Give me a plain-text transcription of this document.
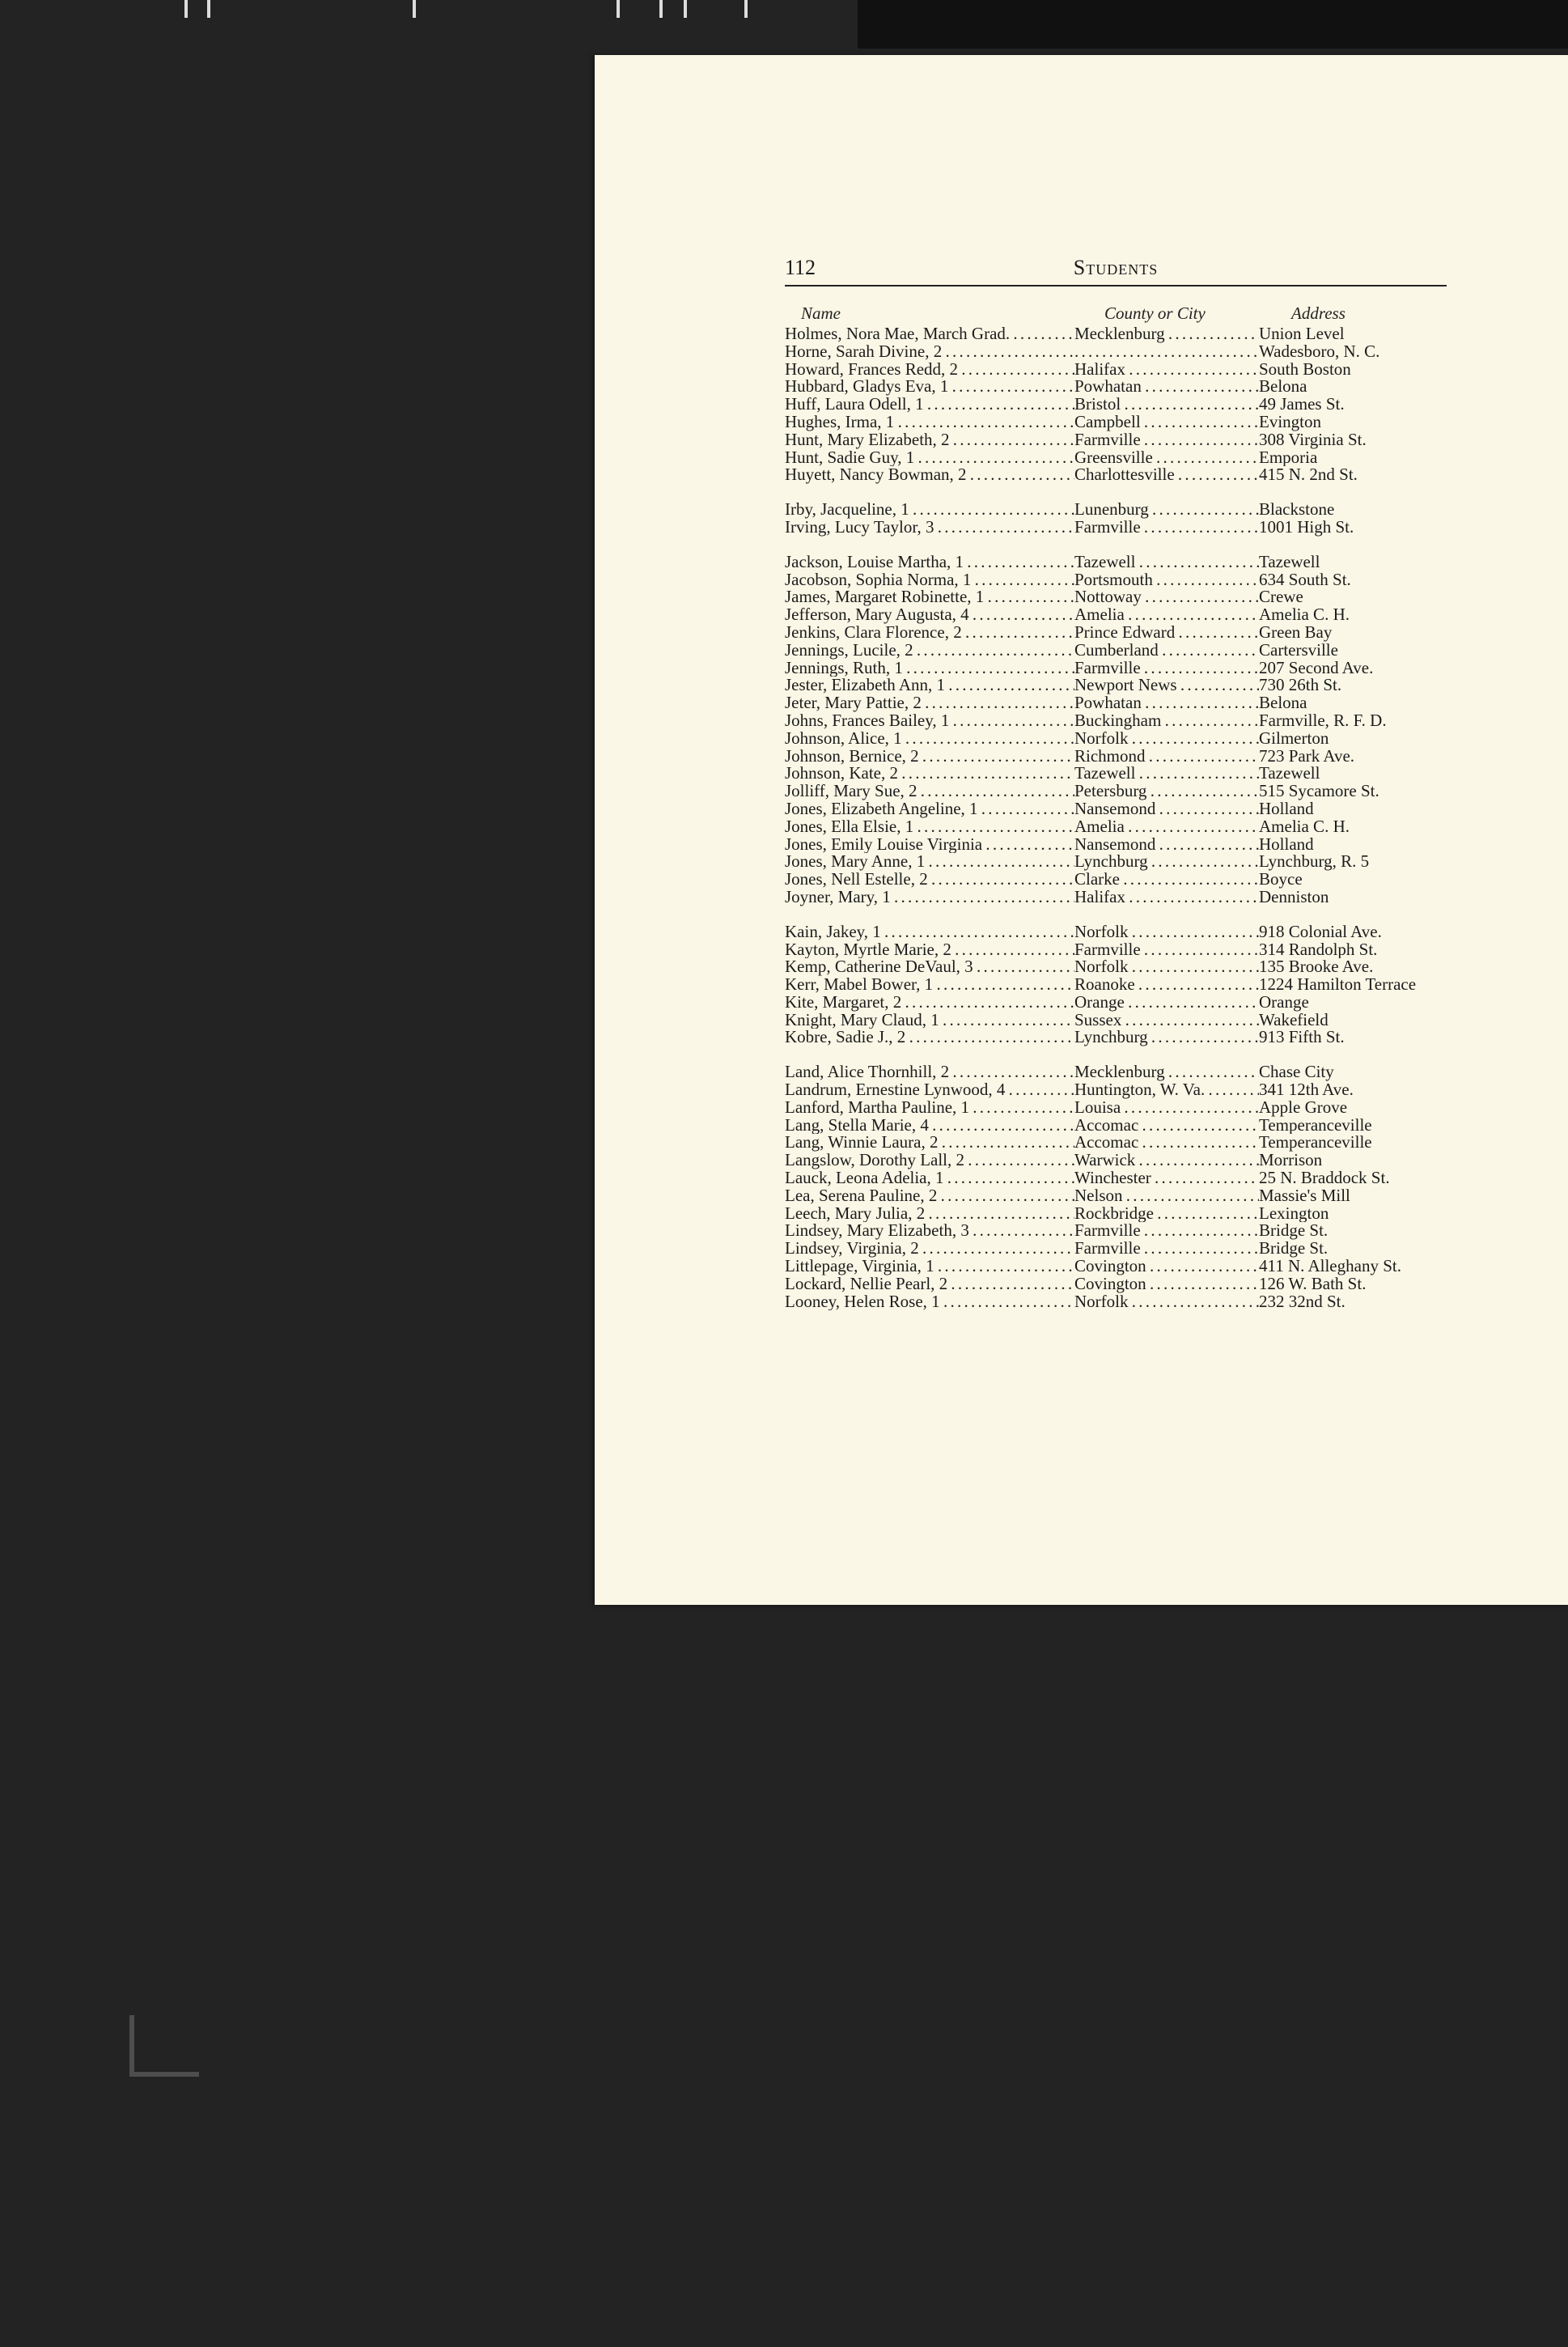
112	Students
Name	County or City	Address
Holmes, Nora Mae, March Grad. . . .	Mecklenburg . . .	Union Level
Horne, Sarah Divine, 2 . . .
. . .	Wadesboro, N. C.
Howard, Frances Redd, 2 . . .	Halifax . . .	South Boston
Hubbard, Gladys Eva, 1 . . .	Powhatan . . .	Belona
Huff, Laura Odell, 1 . . .	Bristol . . .	49 James St.
Hughes, Irma, 1 . . .	Campbell . . .	Evington
Hunt, Mary Elizabeth, 2 . . .	Farmville . . .	308 Virginia St.
Hunt, Sadie Guy, 1 . . .	Greensville . . .	Emporia
Huyett, Nancy Bowman, 2 . . .	Charlottesville . . .	415 N. 2nd St.
Irby, Jacqueline, 1 . . .	Lunenburg . . .	Blackstone
Irving, Lucy Taylor, 3 . . .	Farmville . . .	1001 High St.
Jackson, Louise Martha, 1 . . .	Tazewell . . .	Tazewell
Jacobson, Sophia Norma, 1 . . .	Portsmouth . . .	634 South St.
James, Margaret Robinette, 1 . . .	Nottoway . . .	Crewe
Jefferson, Mary Augusta, 4 . . .	Amelia . . .	Amelia C. H.
Jenkins, Clara Florence, 2 . . .	Prince Edward . . .	Green Bay
Jennings, Lucile, 2 . . .	Cumberland . . .	Cartersville
Jennings, Ruth, 1 . . .	Farmville . . .	207 Second Ave.
Jester, Elizabeth Ann, 1 . . .	Newport News . . .	730 26th St.
Jeter, Mary Pattie, 2 . . .	Powhatan . . .	Belona
Johns, Frances Bailey, 1 . . .	Buckingham . . .	Farmville, R. F. D.
Johnson, Alice, 1 . . .	Norfolk . . .	Gilmerton
Johnson, Bernice, 2 . . .	Richmond . . .	723 Park Ave.
Johnson, Kate, 2 . . .	Tazewell . . .	Tazewell
Jolliff, Mary Sue, 2 . . .	Petersburg . . .	515 Sycamore St.
Jones, Elizabeth Angeline, 1 . . .	Nansemond . . .	Holland
Jones, Ella Elsie, 1 . . .	Amelia . . .	Amelia C. H.
Jones, Emily Louise Virginia . . .	Nansemond . . .	Holland
Jones, Mary Anne, 1 . . .	Lynchburg . . .	Lynchburg, R. 5
Jones, Nell Estelle, 2 . . .	Clarke . . .	Boyce
Joyner, Mary, 1 . . .	Halifax . . .	Denniston
Kain, Jakey, 1 . . .	Norfolk . . .	918 Colonial Ave.
Kayton, Myrtle Marie, 2 . . .	Farmville . . .	314 Randolph St.
Kemp, Catherine DeVaul, 3 . . .	Norfolk . . .	135 Brooke Ave.
Kerr, Mabel Bower, 1 . . .	Roanoke . . .	1224 Hamilton Terrace
Kite, Margaret, 2 . . .	Orange . . .	Orange
Knight, Mary Claud, 1 . . .	Sussex . . .	Wakefield
Kobre, Sadie J., 2 . . .	Lynchburg . . .	913 Fifth St.
Land, Alice Thornhill, 2 . . .	Mecklenburg . . .	Chase City
Landrum, Ernestine Lynwood, 4 . . .	Huntington, W. Va. . . .	341 12th Ave.
Lanford, Martha Pauline, 1 . . .	Louisa . . .	Apple Grove
Lang, Stella Marie, 4 . . .	Accomac . . .	Temperanceville
Lang, Winnie Laura, 2 . . .	Accomac . . .	Temperanceville
Langslow, Dorothy Lall, 2 . . .	Warwick . . .	Morrison
Lauck, Leona Adelia, 1 . . .	Winchester . . .	25 N. Braddock St.
Lea, Serena Pauline, 2 . . .	Nelson . . .	Massie's Mill
Leech, Mary Julia, 2 . . .	Rockbridge . . .	Lexington
Lindsey, Mary Elizabeth, 3 . . .	Farmville . . .	Bridge St.
Lindsey, Virginia, 2 . . .	Farmville . . .	Bridge St.
Littlepage, Virginia, 1 . . .	Covington . . .	411 N. Alleghany St.
Lockard, Nellie Pearl, 2 . . .	Covington . . .	126 W. Bath St.
Looney, Helen Rose, 1 . . .	Norfolk . . .	232 32nd St.
